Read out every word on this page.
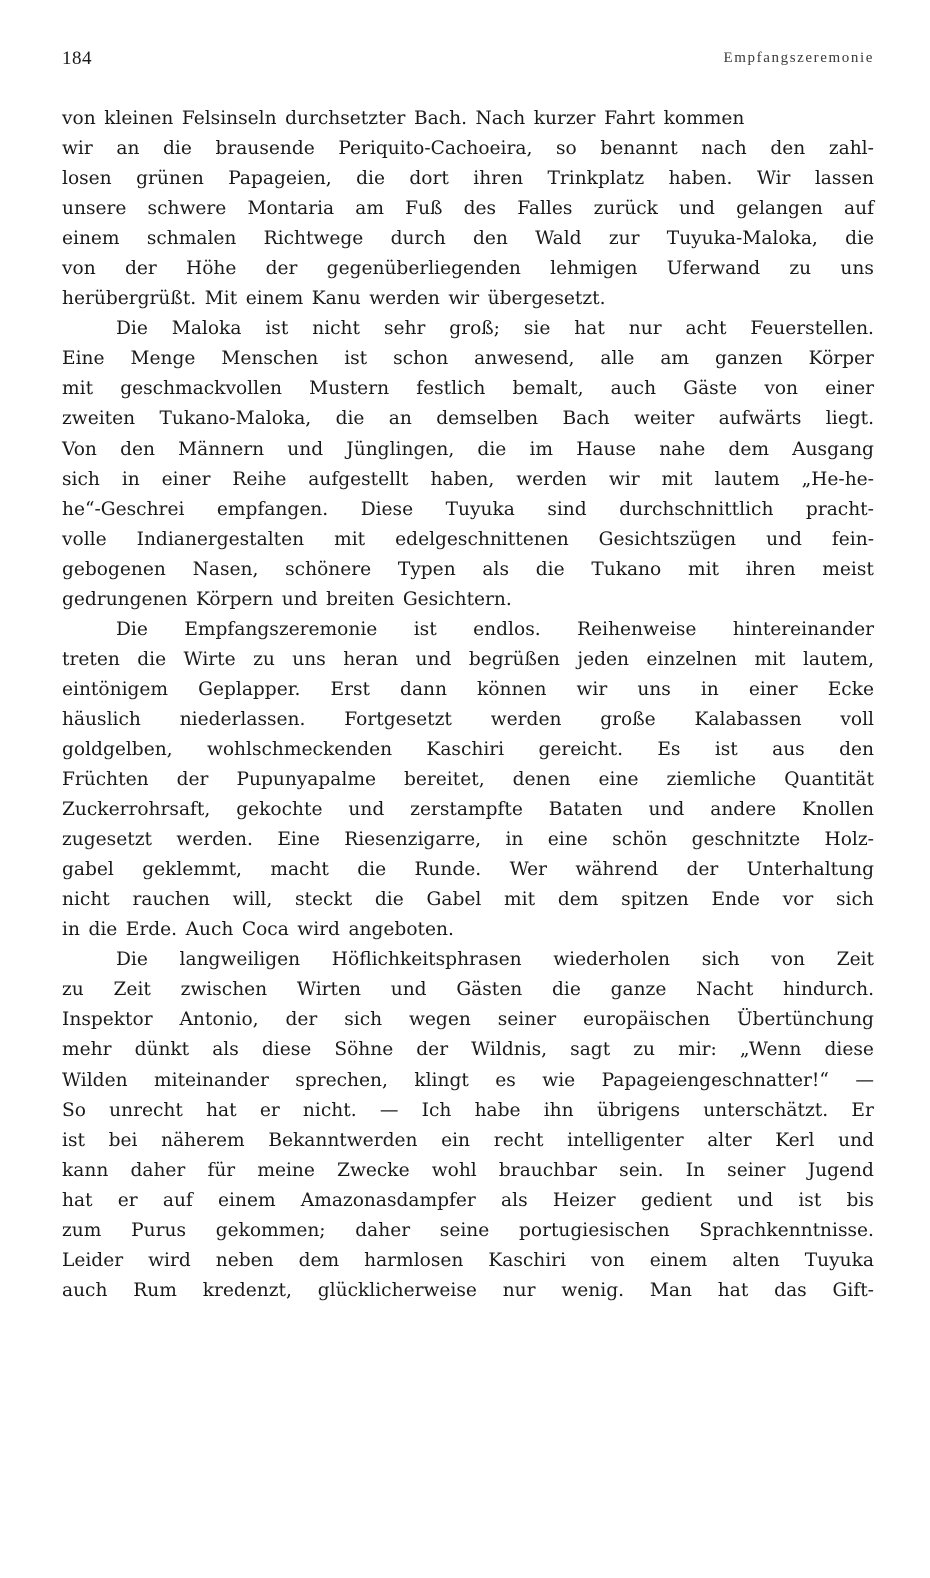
184	Empfangszeremonie
von kleinen Felsinseln durchsetzter Bach. Nach kurzer Fahrt kommen
wir an die brausende Periquito-Cachoeira, so benannt nach den zahl-
losen grünen Papageien, die dort ihren Trinkplatz haben. Wir lassen
unsere schwere Montaria am Fuß des Falles zurück und gelangen auf
einem schmalen Richtwege durch den Wald zur Tuyuka-Maloka, die
von der Höhe der gegenüberliegenden lehmigen Uferwand zu uns
herübergrüßt. Mit einem Kanu werden wir übergesetzt.
Die Maloka ist nicht sehr groß; sie hat nur acht Feuerstellen.
Eine Menge Menschen ist schon anwesend, alle am ganzen Körper
mit geschmackvollen Mustern festlich bemalt, auch Gäste von einer
zweiten Tukano-Maloka, die an demselben Bach weiter aufwärts liegt.
Von den Männern und Jünglingen, die im Hause nahe dem Ausgang
sich in einer Reihe aufgestellt haben, werden wir mit lautem „He-he-
he“-Geschrei empfangen. Diese Tuyuka sind durchschnittlich pracht-
volle Indianergestalten mit edelgeschnittenen Gesichtszügen und fein-
gebogenen Nasen, schönere Typen als die Tukano mit ihren meist
gedrungenen Körpern und breiten Gesichtern.
Die Empfangszeremonie ist endlos. Reihenweise hintereinander
treten die Wirte zu uns heran und begrüßen jeden einzelnen mit lautem,
eintönigem Geplapper. Erst dann können wir uns in einer Ecke
häuslich niederlassen. Fortgesetzt werden große Kalabassen voll
goldgelben, wohlschmeckenden Kaschiri gereicht. Es ist aus den
Früchten der Pupunyapalme bereitet, denen eine ziemliche Quantität
Zuckerrohrsaft, gekochte und zerstampfte Bataten und andere Knollen
zugesetzt werden. Eine Riesenzigarre, in eine schön geschnitzte Holz-
gabel geklemmt, macht die Runde. Wer während der Unterhaltung
nicht rauchen will, steckt die Gabel mit dem spitzen Ende vor sich
in die Erde. Auch Coca wird angeboten.
Die langweiligen Höflichkeitsphrasen wiederholen sich von Zeit
zu Zeit zwischen Wirten und Gästen die ganze Nacht hindurch.
Inspektor Antonio, der sich wegen seiner europäischen Übertünchung
mehr dünkt als diese Söhne der Wildnis, sagt zu mir: „Wenn diese
Wilden miteinander sprechen, klingt es wie Papageiengeschnatter!“ —
So unrecht hat er nicht. — Ich habe ihn übrigens unterschätzt. Er
ist bei näherem Bekanntwerden ein recht intelligenter alter Kerl und
kann daher für meine Zwecke wohl brauchbar sein. In seiner Jugend
hat er auf einem Amazonasdampfer als Heizer gedient und ist bis
zum Purus gekommen; daher seine portugiesischen Sprachkenntnisse.
Leider wird neben dem harmlosen Kaschiri von einem alten Tuyuka
auch Rum kredenzt, glücklicherweise nur wenig. Man hat das Gift-
